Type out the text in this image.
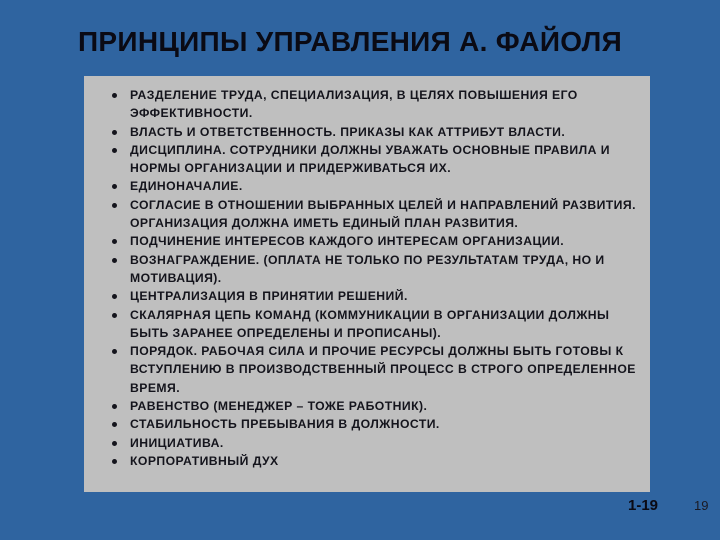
ПРИНЦИПЫ УПРАВЛЕНИЯ А. ФАЙОЛЯ
РАЗДЕЛЕНИЕ ТРУДА, СПЕЦИАЛИЗАЦИЯ, В ЦЕЛЯХ ПОВЫШЕНИЯ ЕГО ЭФФЕКТИВНОСТИ.
ВЛАСТЬ И ОТВЕТСТВЕННОСТЬ. ПРИКАЗЫ КАК АТТРИБУТ ВЛАСТИ.
ДИСЦИПЛИНА. СОТРУДНИКИ ДОЛЖНЫ УВАЖАТЬ ОСНОВНЫЕ ПРАВИЛА И НОРМЫ ОРГАНИЗАЦИИ И ПРИДЕРЖИВАТЬСЯ ИХ.
ЕДИНОНАЧАЛИЕ.
СОГЛАСИЕ В ОТНОШЕНИИ ВЫБРАННЫХ ЦЕЛЕЙ И НАПРАВЛЕНИЙ РАЗВИТИЯ. ОРГАНИЗАЦИЯ ДОЛЖНА ИМЕТЬ ЕДИНЫЙ ПЛАН РАЗВИТИЯ.
ПОДЧИНЕНИЕ ИНТЕРЕСОВ КАЖДОГО ИНТЕРЕСАМ ОРГАНИЗАЦИИ.
ВОЗНАГРАЖДЕНИЕ. (ОПЛАТА НЕ ТОЛЬКО ПО РЕЗУЛЬТАТАМ ТРУДА, НО И МОТИВАЦИЯ).
ЦЕНТРАЛИЗАЦИЯ В ПРИНЯТИИ РЕШЕНИЙ.
СКАЛЯРНАЯ ЦЕПЬ КОМАНД (КОММУНИКАЦИИ В ОРГАНИЗАЦИИ ДОЛЖНЫ БЫТЬ ЗАРАНЕЕ ОПРЕДЕЛЕНЫ И ПРОПИСАНЫ).
ПОРЯДОК. РАБОЧАЯ СИЛА И ПРОЧИЕ РЕСУРСЫ ДОЛЖНЫ БЫТЬ ГОТОВЫ К ВСТУПЛЕНИЮ В ПРОИЗВОДСТВЕННЫЙ ПРОЦЕСС В СТРОГО ОПРЕДЕЛЕННОЕ ВРЕМЯ.
РАВЕНСТВО (МЕНЕДЖЕР – ТОЖЕ РАБОТНИК).
СТАБИЛЬНОСТЬ ПРЕБЫВАНИЯ В ДОЛЖНОСТИ.
ИНИЦИАТИВА.
КОРПОРАТИВНЫЙ ДУХ
1-19	19
